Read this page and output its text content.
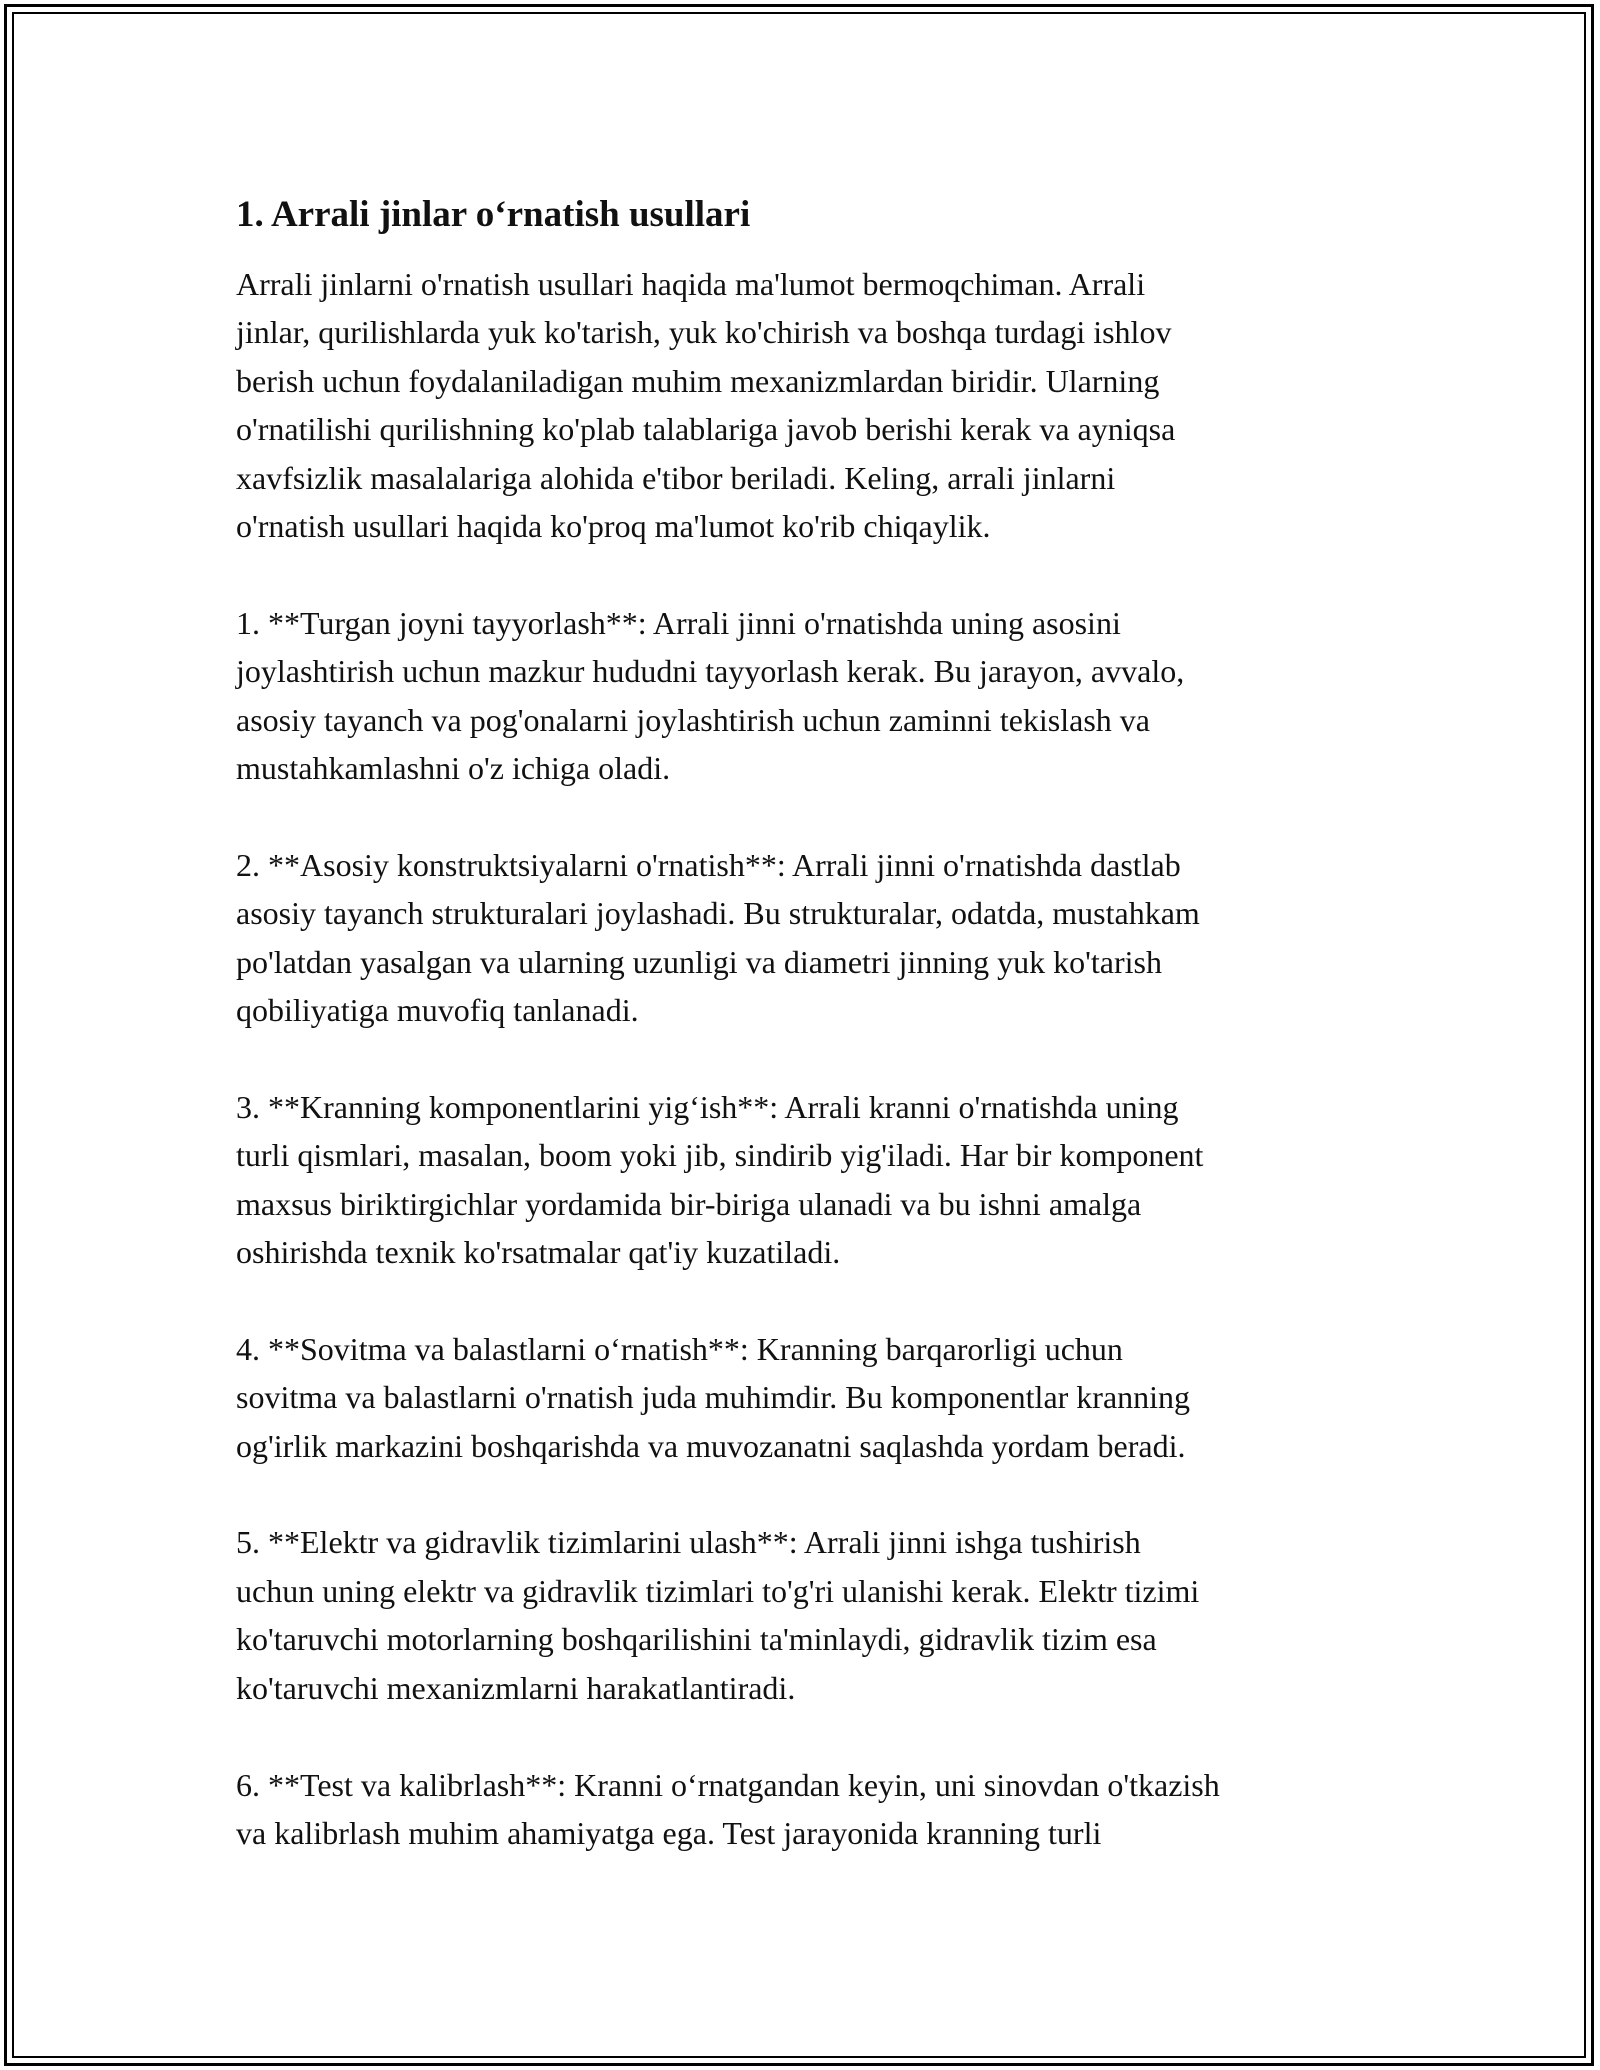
1. Arrali jinlar o‘rnatish usullari

Arrali jinlarni o'rnatish usullari haqida ma'lumot bermoqchiman. Arrali
jinlar, qurilishlarda yuk ko'tarish, yuk ko'chirish va boshqa turdagi ishlov
berish uchun foydalaniladigan muhim mexanizmlardan biridir. Ularning
o'rnatilishi qurilishning ko'plab talablariga javob berishi kerak va ayniqsa
xavfsizlik masalalariga alohida e'tibor beriladi. Keling, arrali jinlarni
o'rnatish usullari haqida ko'proq ma'lumot ko'rib chiqaylik.

1. **Turgan joyni tayyorlash**: Arrali jinni o'rnatishda uning asosini
joylashtirish uchun mazkur hududni tayyorlash kerak. Bu jarayon, avvalo,
asosiy tayanch va pog'onalarni joylashtirish uchun zaminni tekislash va
mustahkamlashni o'z ichiga oladi.

2. **Asosiy konstruktsiyalarni o'rnatish**: Arrali jinni o'rnatishda dastlab
asosiy tayanch strukturalari joylashadi. Bu strukturalar, odatda, mustahkam
po'latdan yasalgan va ularning uzunligi va diametri jinning yuk ko'tarish
qobiliyatiga muvofiq tanlanadi.

3. **Kranning komponentlarini yig‘ish**: Arrali kranni o'rnatishda uning
turli qismlari, masalan, boom yoki jib, sindirib yig'iladi. Har bir komponent
maxsus biriktirgichlar yordamida bir-biriga ulanadi va bu ishni amalga
oshirishda texnik ko'rsatmalar qat'iy kuzatiladi.

4. **Sovitma va balastlarni o‘rnatish**: Kranning barqarorligi uchun
sovitma va balastlarni o'rnatish juda muhimdir. Bu komponentlar kranning
og'irlik markazini boshqarishda va muvozanatni saqlashda yordam beradi.

5. **Elektr va gidravlik tizimlarini ulash**: Arrali jinni ishga tushirish
uchun uning elektr va gidravlik tizimlari to'g'ri ulanishi kerak. Elektr tizimi
ko'taruvchi motorlarning boshqarilishini ta'minlaydi, gidravlik tizim esa
ko'taruvchi mexanizmlarni harakatlantiradi.

6. **Test va kalibrlash**: Kranni o‘rnatgandan keyin, uni sinovdan o'tkazish
va kalibrlash muhim ahamiyatga ega. Test jarayonida kranning turli
